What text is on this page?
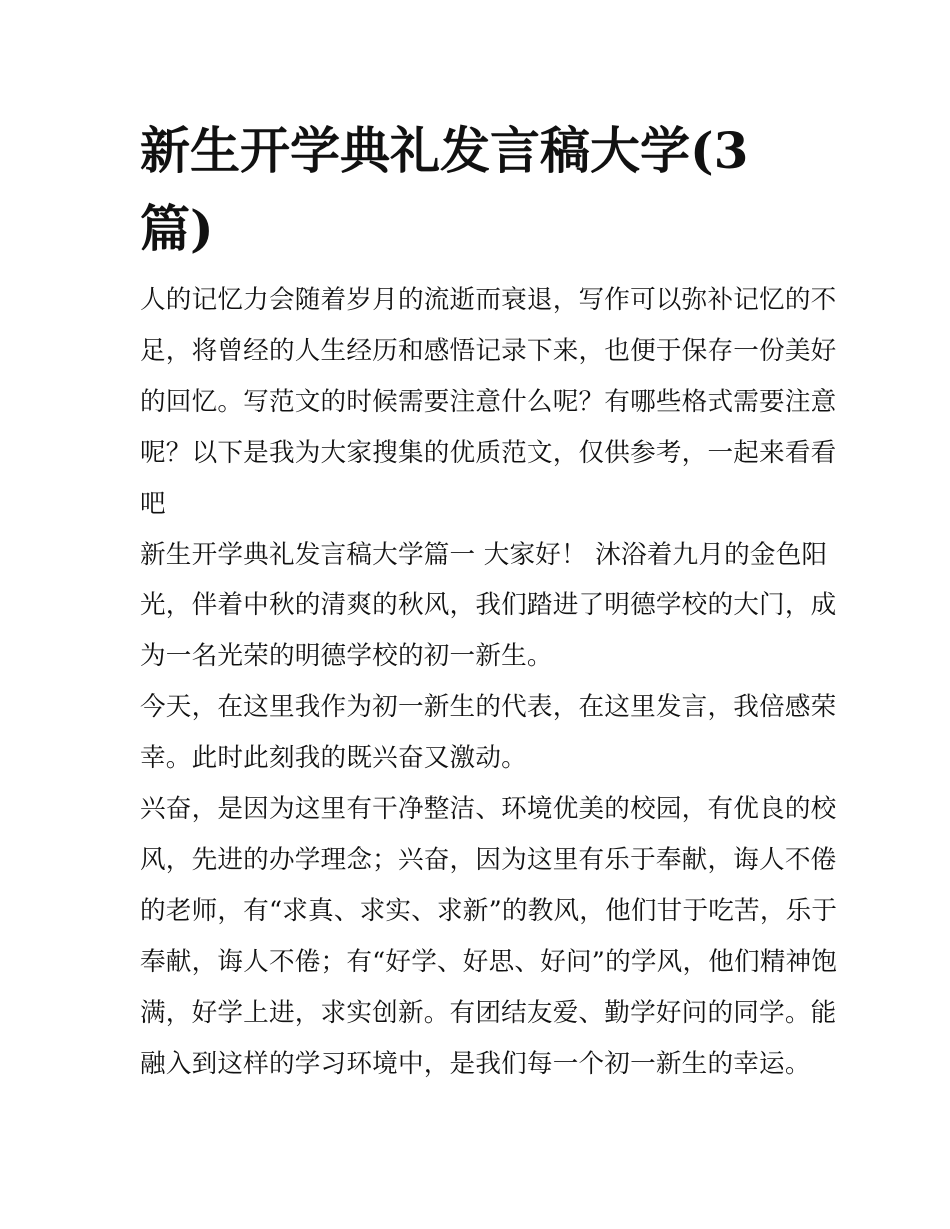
新生开学典礼发言稿大学(3
篇)
人的记忆力会随着岁月的流逝而衰退，写作可以弥补记忆的不
足，将曾经的人生经历和感悟记录下来，也便于保存一份美好
的回忆。写范文的时候需要注意什么呢？有哪些格式需要注意
呢？以下是我为大家搜集的优质范文，仅供参考，一起来看看
吧
新生开学典礼发言稿大学篇一 大家好！ 沐浴着九月的金色阳
光，伴着中秋的清爽的秋风，我们踏进了明德学校的大门，成
为一名光荣的明德学校的初一新生。
今天，在这里我作为初一新生的代表，在这里发言，我倍感荣
幸。此时此刻我的既兴奋又激动。
兴奋，是因为这里有干净整洁、环境优美的校园，有优良的校
风，先进的办学理念；兴奋，因为这里有乐于奉献，诲人不倦
的老师，有“求真、求实、求新”的教风，他们甘于吃苦，乐于
奉献，诲人不倦；有“好学、好思、好问”的学风，他们精神饱
满，好学上进，求实创新。有团结友爱、勤学好问的同学。能
融入到这样的学习环境中，是我们每一个初一新生的幸运。
